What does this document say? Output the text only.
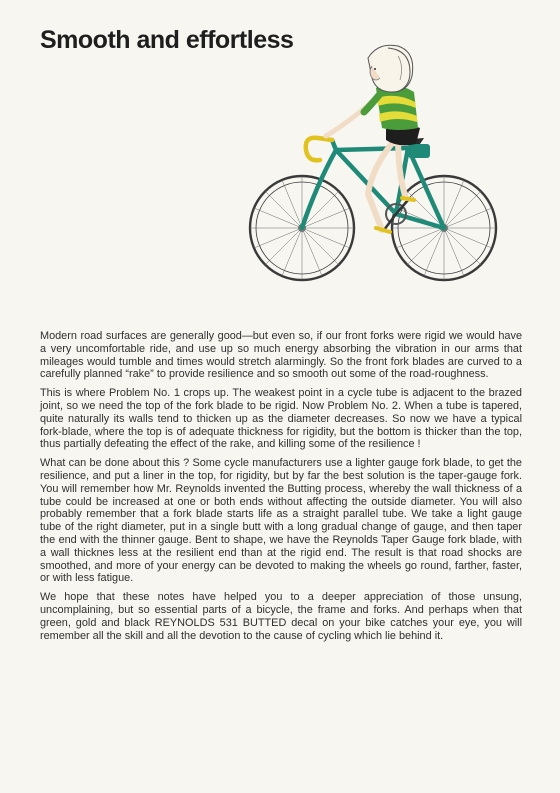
Smooth and effortless

Modern road surfaces are generally good—but even so, if our front forks were rigid we would have a very uncomfortable ride, and use up so much energy absorbing the vibration in our arms that mileages would tumble and times would stretch alarmingly. So the front fork blades are curved to a carefully planned “rake” to provide resilience and so smooth out some of the road-roughness.

This is where Problem No. 1 crops up. The weakest point in a cycle tube is adjacent to the brazed joint, so we need the top of the fork blade to be rigid. Now Problem No. 2. When a tube is tapered, quite naturally its walls tend to thicken up as the diameter decreases. So now we have a typical fork-blade, where the top is of adequate thickness for rigidity, but the bottom is thicker than the top, thus partially defeating the effect of the rake, and killing some of the resilience !

What can be done about this ? Some cycle manufacturers use a lighter gauge fork blade, to get the resilience, and put a liner in the top, for rigidity, but by far the best solution is the taper-gauge fork. You will remember how Mr. Reynolds invented the Butting process, whereby the wall thickness of a tube could be increased at one or both ends without affecting the outside diameter. You will also probably remember that a fork blade starts life as a straight parallel tube. We take a light gauge tube of the right diameter, put in a single butt with a long gradual change of gauge, and then taper the end with the thinner gauge. Bent to shape, we have the Reynolds Taper Gauge fork blade, with a wall thicknes less at the resilient end than at the rigid end. The result is that road shocks are smoothed, and more of your energy can be devoted to making the wheels go round, farther, faster, or with less fatigue.

We hope that these notes have helped you to a deeper appreciation of those unsung, uncomplaining, but so essential parts of a bicycle, the frame and forks. And perhaps when that green, gold and black REYNOLDS 531 BUTTED decal on your bike catches your eye, you will remember all the skill and all the devotion to the cause of cycling which lie behind it.
